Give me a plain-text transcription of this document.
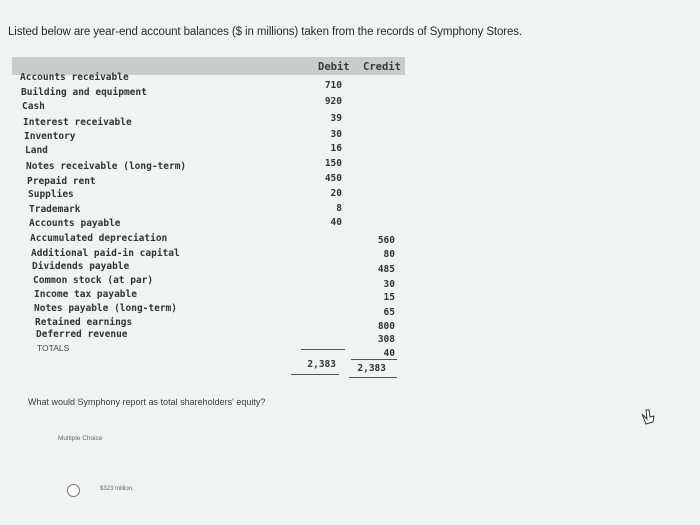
Listed below are year-end account balances ($ in millions) taken from the records of Symphony Stores.
Debit Credit
Accounts receivable
Building and equipment
Cash
Interest receivable
Inventory
Land
Notes receivable (long-term)
Prepaid rent
Supplies
Trademark
Accounts payable
Accumulated depreciation
Additional paid-in capital
Dividends payable
Common stock (at par)
Income tax payable
Notes payable (long-term)
Retained earnings
Deferred revenue
TOTALS
710
920
39
30
16
150
450
20
8
40
560
80
485
30
15
65
800
308
40
2,383	2,383
What would Symphony report as total shareholders' equity?
Multiple Choice
$323 million.
